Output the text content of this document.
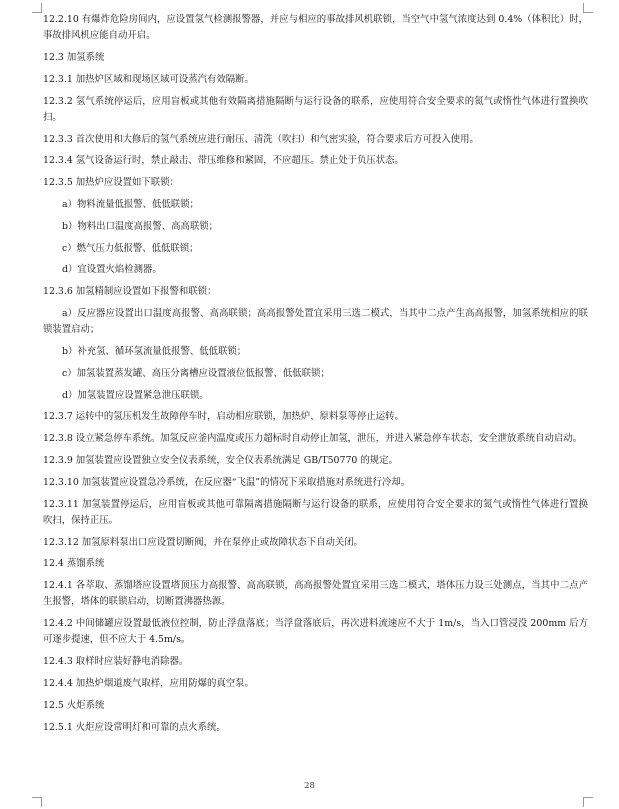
12.2.10 有爆炸危险房间内，应设置氢气检测报警器，并应与相应的事故排风机联锁，当空气中氢气浓度达到 0.4%（体积比）时，事故排风机应能自动开启。

12.3 加氢系统

12.3.1 加热炉区域和现场区域可设蒸汽有效隔断。

12.3.2 氢气系统停运后，应用盲板或其他有效隔离措施隔断与运行设备的联系，应使用符合安全要求的氮气或惰性气体进行置换吹扫。

12.3.3 首次使用和大修后的氢气系统应进行耐压、清洗（吹扫）和气密实验，符合要求后方可投入使用。

12.3.4 氢气设备运行时，禁止敲击、带压维修和紧固，不应超压。禁止处于负压状态。

12.3.5 加热炉应设置如下联锁：

a）物料流量低报警、低低联锁；

b）物料出口温度高报警、高高联锁；

c）燃气压力低报警、低低联锁；

d）宜设置火焰检测器。

12.3.6 加氢精制应设置如下报警和联锁：

a）反应器应设置出口温度高报警、高高联锁；高高报警处置宜采用三选二模式，当其中二点产生高高报警，加氢系统相应的联锁装置启动；

b）补充氢、循环氢流量低报警、低低联锁；

c）加氢装置蒸发罐、高压分离槽应设置液位低报警、低低联锁；

d）加氢装置应设置紧急泄压联锁。

12.3.7 运转中的氢压机发生故障停车时，启动相应联锁，加热炉、原料泵等停止运转。

12.3.8 设立紧急停车系统。加氢反应釜内温度或压力超标时自动停止加氢，泄压，并进入紧急停车状态，安全泄放系统自动启动。

12.3.9 加氢装置应设置独立安全仪表系统，安全仪表系统满足 GB/T50770 的规定。

12.3.10 加氢装置应设置急冷系统，在反应器“飞温”的情况下采取措施对系统进行冷却。

12.3.11 加氢装置停运后，应用盲板或其他可靠隔离措施隔断与运行设备的联系，应使用符合安全要求的氮气或惰性气体进行置换吹扫，保持正压。

12.3.12 加氢原料泵出口应设置切断阀，并在泵停止或故障状态下自动关闭。

12.4 蒸馏系统

12.4.1 各萃取、蒸馏塔应设置塔顶压力高报警、高高联锁，高高报警处置宜采用三选二模式，塔体压力设三处测点，当其中二点产生报警，塔体的联锁启动，切断置沸器热源。

12.4.2 中间储罐应设置最低液位控制，防止浮盘落底；当浮盘落底后，再次进料流速应不大于 1m/s，当入口管浸没 200mm 后方可逐步提速，但不应大于 4.5m/s。

12.4.3 取样时应装好静电消除器。

12.4.4 加热炉烟道废气取样，应用防爆的真空泵。

12.5 火炬系统

12.5.1 火炬应设常明灯和可靠的点火系统。

28
